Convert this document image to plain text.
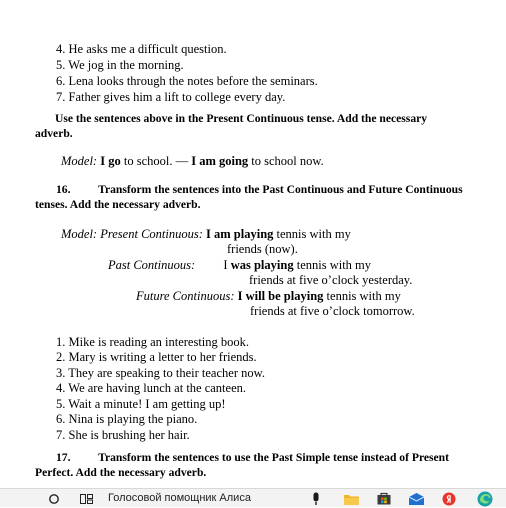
4. He asks me a difficult question.
5. We jog in the morning.
6. Lena looks through the notes before the seminars.
7. Father gives him a lift to college every day.
Use the sentences above in the Present Continuous tense. Add the necessary
adverb.
Model: I go to school. — I am going to school now.
16. Transform the sentences into the Past Continuous and Future Continuous
tenses. Add the necessary adverb.
Model: Present Continuous: I am playing tennis with my
friends (now).
Past Continuous: I was playing tennis with my
friends at five o’clock yesterday.
Future Continuous: I will be playing tennis with my
friends at five o’clock tomorrow.
1. Mike is reading an interesting book.
2. Mary is writing a letter to her friends.
3. They are speaking to their teacher now.
4. We are having lunch at the canteen.
5. Wait a minute! I am getting up!
6. Nina is playing the piano.
7. She is brushing her hair.
17. Transform the sentences to use the Past Simple tense instead of Present
Perfect. Add the necessary adverb.
Голосовой помощник Алиса
